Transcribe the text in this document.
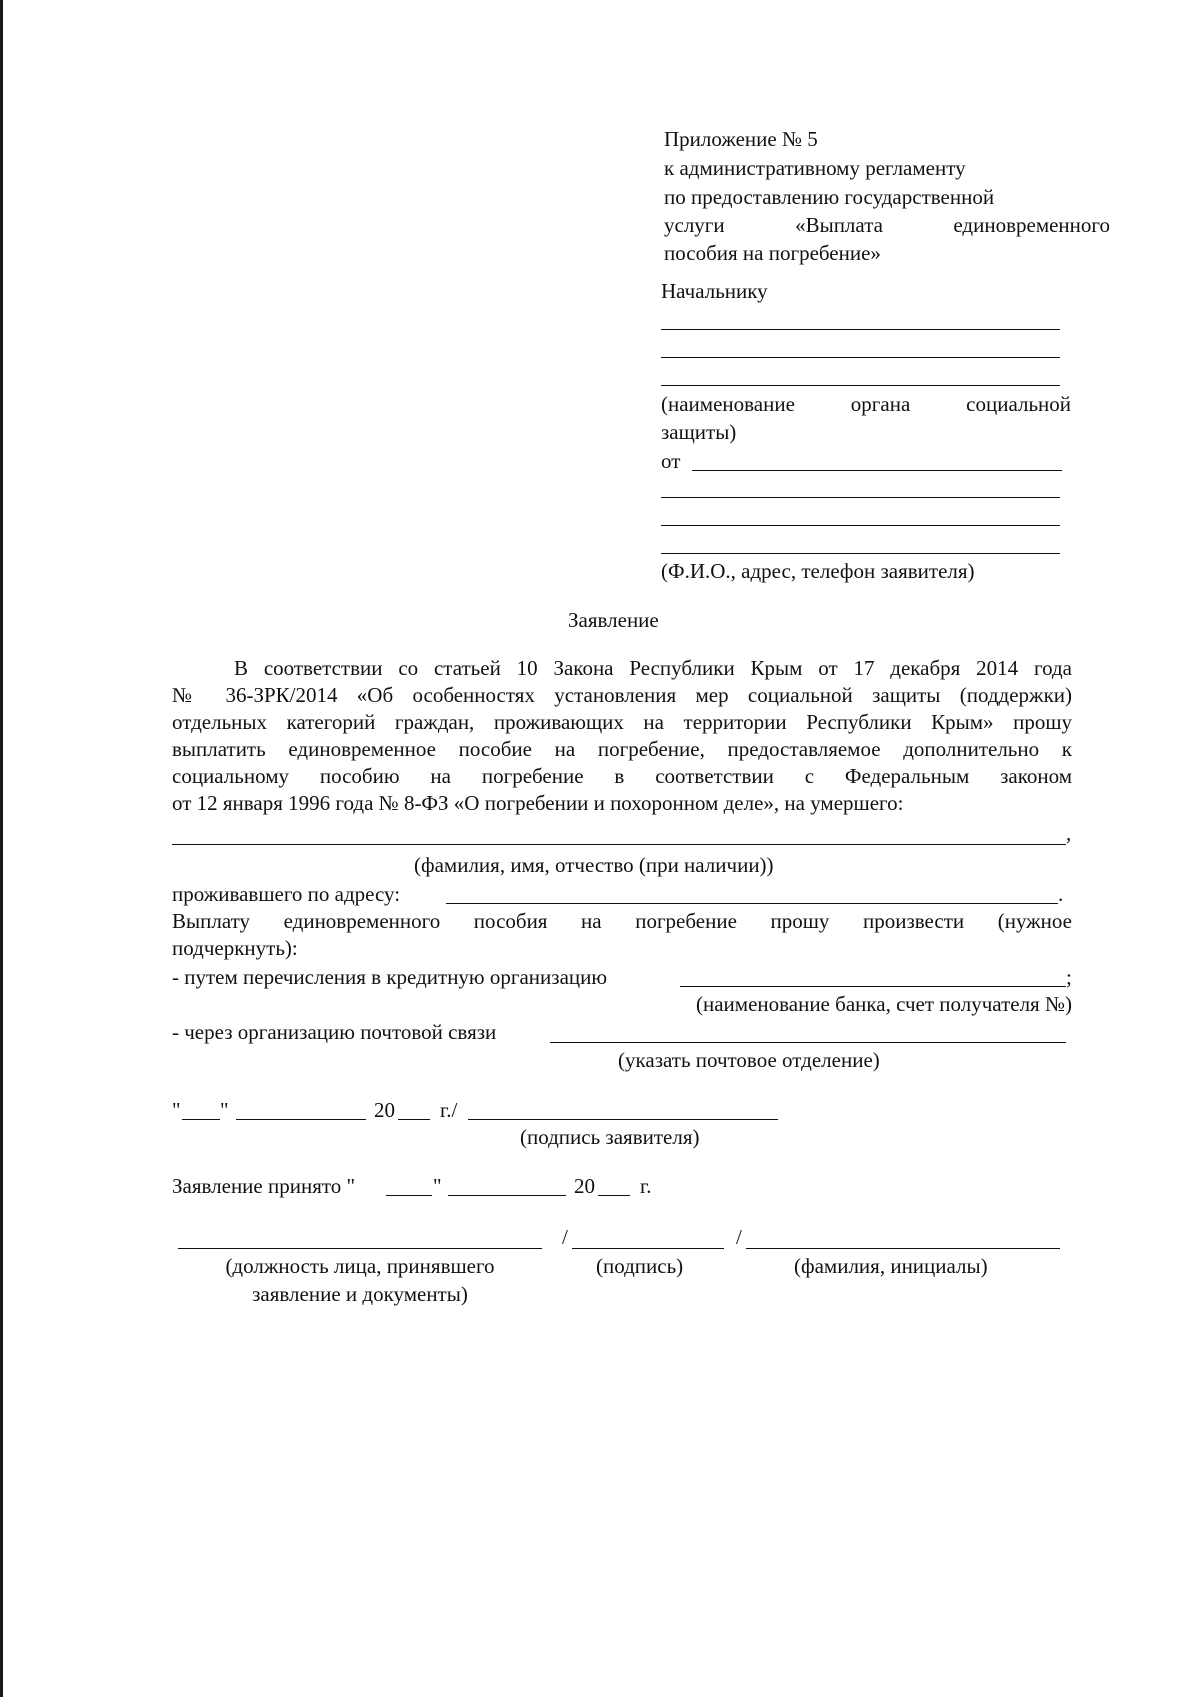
Приложение № 5
к административному регламенту
по предоставлению государственной
услуги	«Выплата	единовременного
пособия на погребение»
Начальнику
(наименование	органа	социальной
защиты)
от
(Ф.И.О., адрес, телефон заявителя)
Заявление
В соответствии со статьей 10 Закона Республики Крым от 17 декабря 2014 года
№ 36-ЗРК/2014 «Об особенностях установления мер социальной защиты (поддержки)
отдельных категорий граждан, проживающих на территории Республики Крым» прошу
выплатить единовременное пособие на погребение, предоставляемое дополнительно к
социальному пособию на погребение в соответствии с Федеральным законом
от 12 января 1996 года № 8-ФЗ «О погребении и похоронном деле», на умершего:
,
(фамилия, имя, отчество (при наличии))
проживавшего по адресу:	.
Выплату единовременного пособия на погребение прошу произвести (нужное
подчеркнуть):
- путем перечисления в кредитную организацию	;
(наименование банка, счет получателя №)
- через организацию почтовой связи
(указать почтовое отделение)
" "	20 г./
(подпись заявителя)
Заявление принято "	"	20 г.
/	/
(должность лица, принявшего
заявление и документы)
(подпись)	(фамилия, инициалы)
